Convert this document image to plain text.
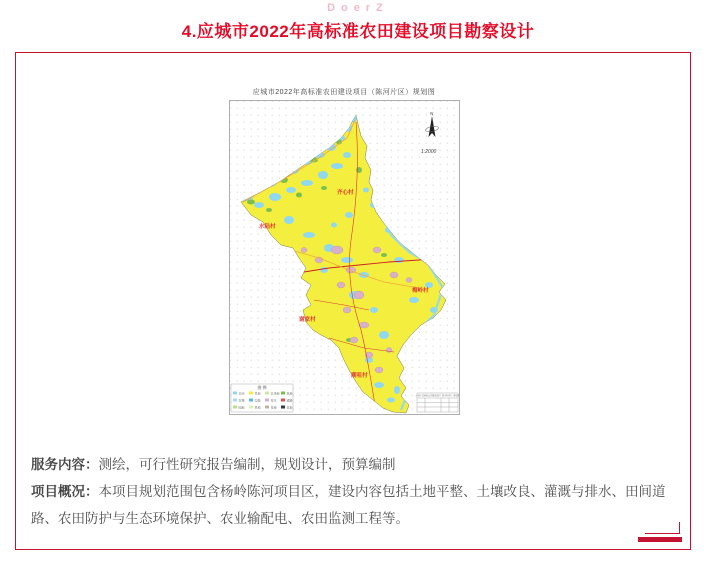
DoerZ
4.应城市2022年高标准农田建设项目勘察设计
应城市2022年高标准农田建设项目（陈河片区）规划图
齐心村
水陆村
梅岭村
谢家村
潮咀村
N
1:2000
图 例
水田	旱地	水浇地 林地
坑塘	沟渠	村庄	道路
园地	草地	设施	其他
应城市高标准农田建设项目（陈河片区）规划图

服务内容：测绘，可行性研究报告编制，规划设计，预算编制

项目概况：本项目规划范围包含杨岭陈河项目区，建设内容包括土地平整、土壤改良、灌溉与排水、田间道路、农田防护与生态环境保护、农业输配电、农田监测工程等。
